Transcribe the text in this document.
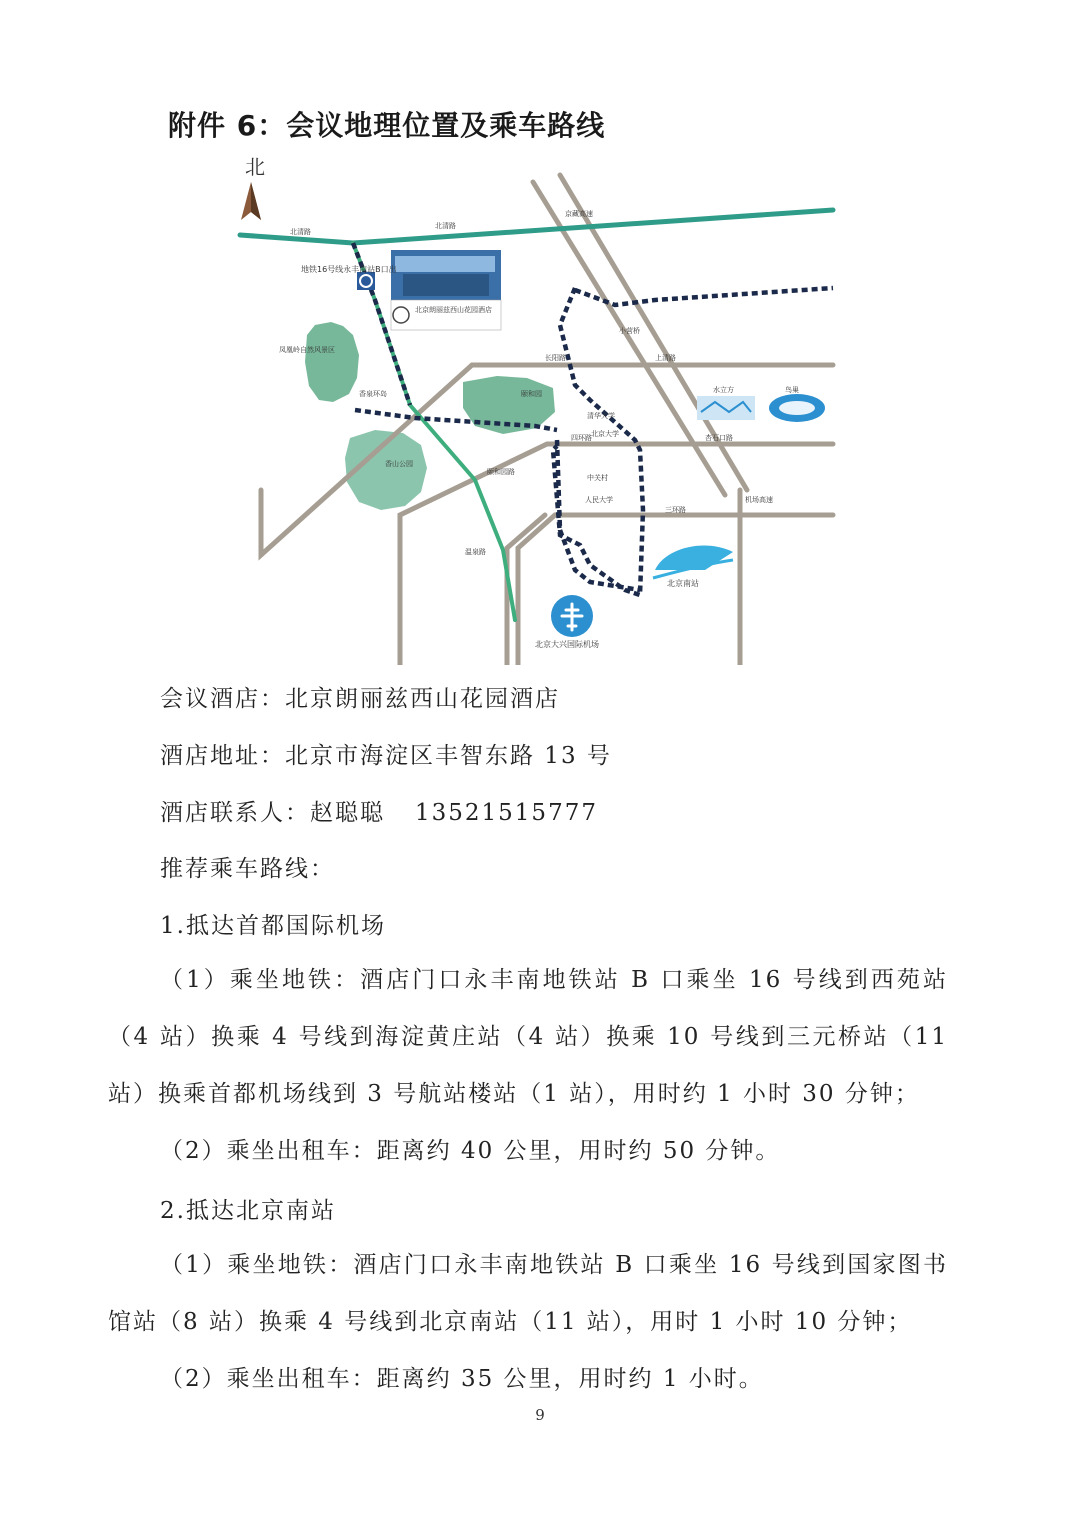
附件 6：会议地理位置及乘车路线
北
北京朗丽兹西山花园酒店
地铁16号线永丰南站B口出
北京大兴国际机场
北京南站
水立方	鸟巢
凤凰岭自然风景区
颐和园
香山公园
清华大学
北京大学
中关村
人民大学
小营桥
北清路
北清路
京藏高速
上清路
长阳路
四环路
三环路
机场高速
香泉环岛
颐和园路
温泉路
杏石口路
会议酒店：北京朗丽兹西山花园酒店
酒店地址：北京市海淀区丰智东路 13 号
酒店联系人：赵聪聪 13521515777
推荐乘车路线：
1.抵达首都国际机场
（1）乘坐地铁：酒店门口永丰南地铁站 B 口乘坐 16 号线到西苑站（4 站）换乘 4 号线到海淀黄庄站（4 站）换乘 10 号线到三元桥站（11 站）换乘首都机场线到 3 号航站楼站（1 站），用时约 1 小时 30 分钟；
（2）乘坐出租车：距离约 40 公里，用时约 50 分钟。
2.抵达北京南站
（1）乘坐地铁：酒店门口永丰南地铁站 B 口乘坐 16 号线到国家图书馆站（8 站）换乘 4 号线到北京南站（11 站），用时 1 小时 10 分钟；
（2）乘坐出租车：距离约 35 公里，用时约 1 小时。
9
